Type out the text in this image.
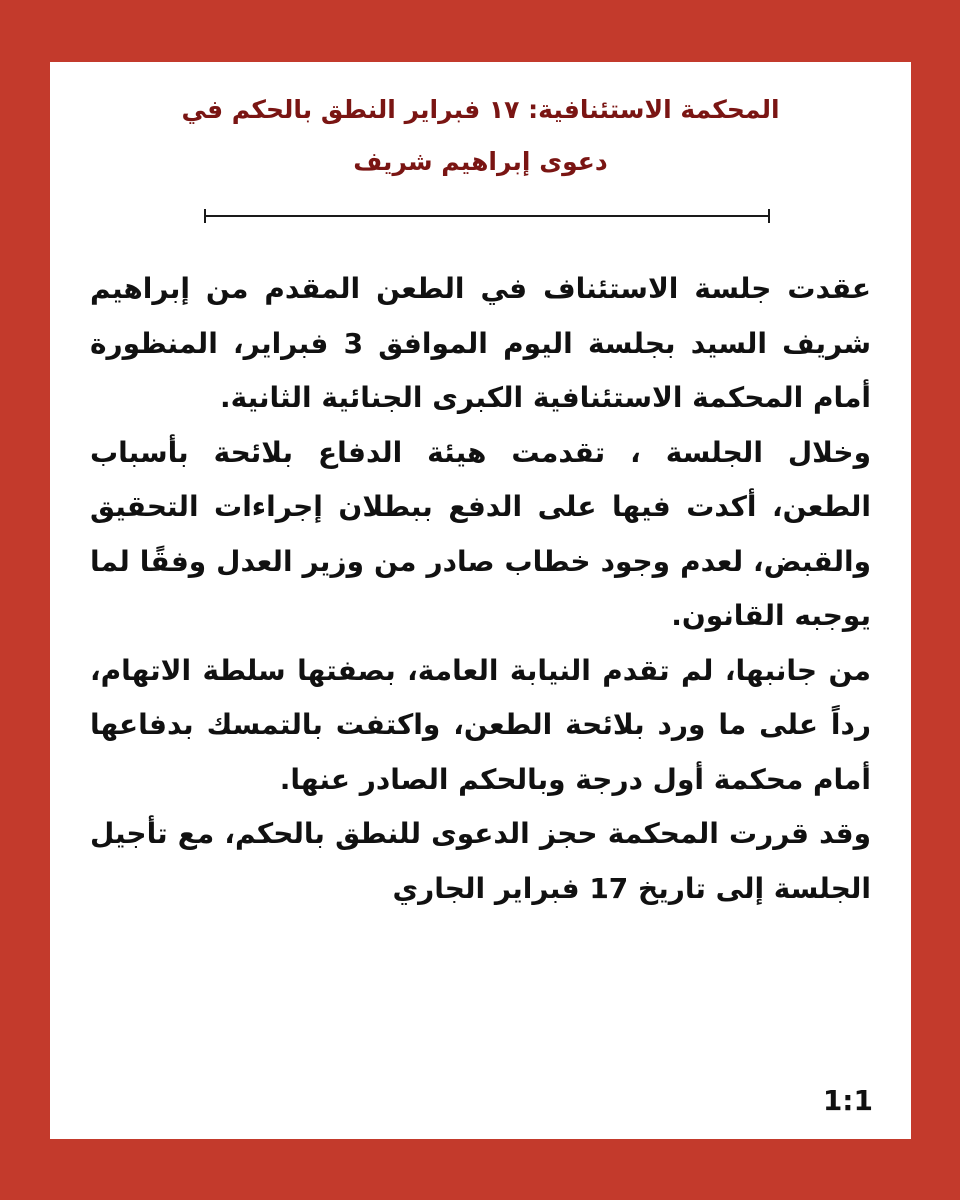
المحكمة الاستئنافية: ١٧ فبراير النطق بالحكم في
دعوى إبراهيم شريف

عقدت جلسة الاستئناف في الطعن المقدم من إبراهيم شريف السيد بجلسة اليوم الموافق 3 فبراير، المنظورة أمام المحكمة الاستئنافية الكبرى الجنائية الثانية.

وخلال الجلسة ، تقدمت هيئة الدفاع بلائحة بأسباب الطعن، أكدت فيها على الدفع ببطلان إجراءات التحقيق والقبض، لعدم وجود خطاب صادر من وزير العدل وفقًا لما يوجبه القانون.

من جانبها، لم تقدم النيابة العامة، بصفتها سلطة الاتهام، رداً على ما ورد بلائحة الطعن، واكتفت بالتمسك بدفاعها أمام محكمة أول درجة وبالحكم الصادر عنها.

وقد قررت المحكمة حجز الدعوى للنطق بالحكم، مع تأجيل الجلسة إلى تاريخ 17 فبراير الجاري

1:1
